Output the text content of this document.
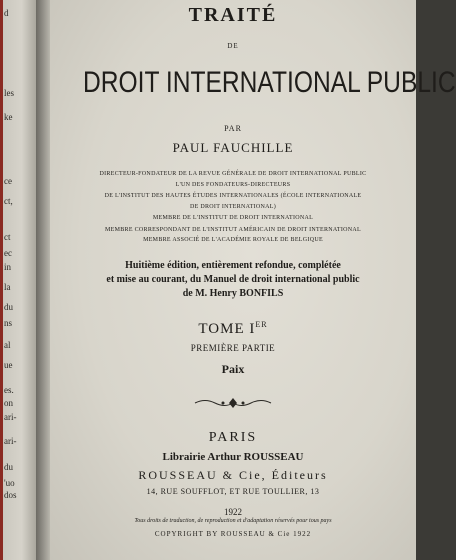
d
les
ke
ce
ct,
ct
ec
in
la
du
ns
al
ue
es.
on
ari-
ari-
du
'uo
dos
TRAITÉ
DE
DROIT INTERNATIONAL PUBLIC
PAR
PAUL FAUCHILLE
DIRECTEUR-FONDATEUR DE LA REVUE GÉNÉRALE DE DROIT INTERNATIONAL PUBLIC
L'UN DES FONDATEURS-DIRECTEURS
DE L'INSTITUT DES HAUTES ÉTUDES INTERNATIONALES (ÉCOLE INTERNATIONALE
DE DROIT INTERNATIONAL)
MEMBRE DE L'INSTITUT DE DROIT INTERNATIONAL
MEMBRE CORRESPONDANT DE L'INSTITUT AMÉRICAIN DE DROIT INTERNATIONAL
MEMBRE ASSOCIÉ DE L'ACADÉMIE ROYALE DE BELGIQUE
Huitième édition, entièrement refondue, complétée
et mise au courant, du Manuel de droit international public
de M. Henry BONFILS
TOME IER
PREMIÈRE PARTIE
Paix
PARIS
Librairie Arthur ROUSSEAU
ROUSSEAU & Cie, Éditeurs
14, RUE SOUFFLOT, ET RUE TOULLIER, 13
1922
Tous droits de traduction, de reproduction et d'adaptation réservés pour tous pays
COPYRIGHT BY ROUSSEAU & Cie 1922
